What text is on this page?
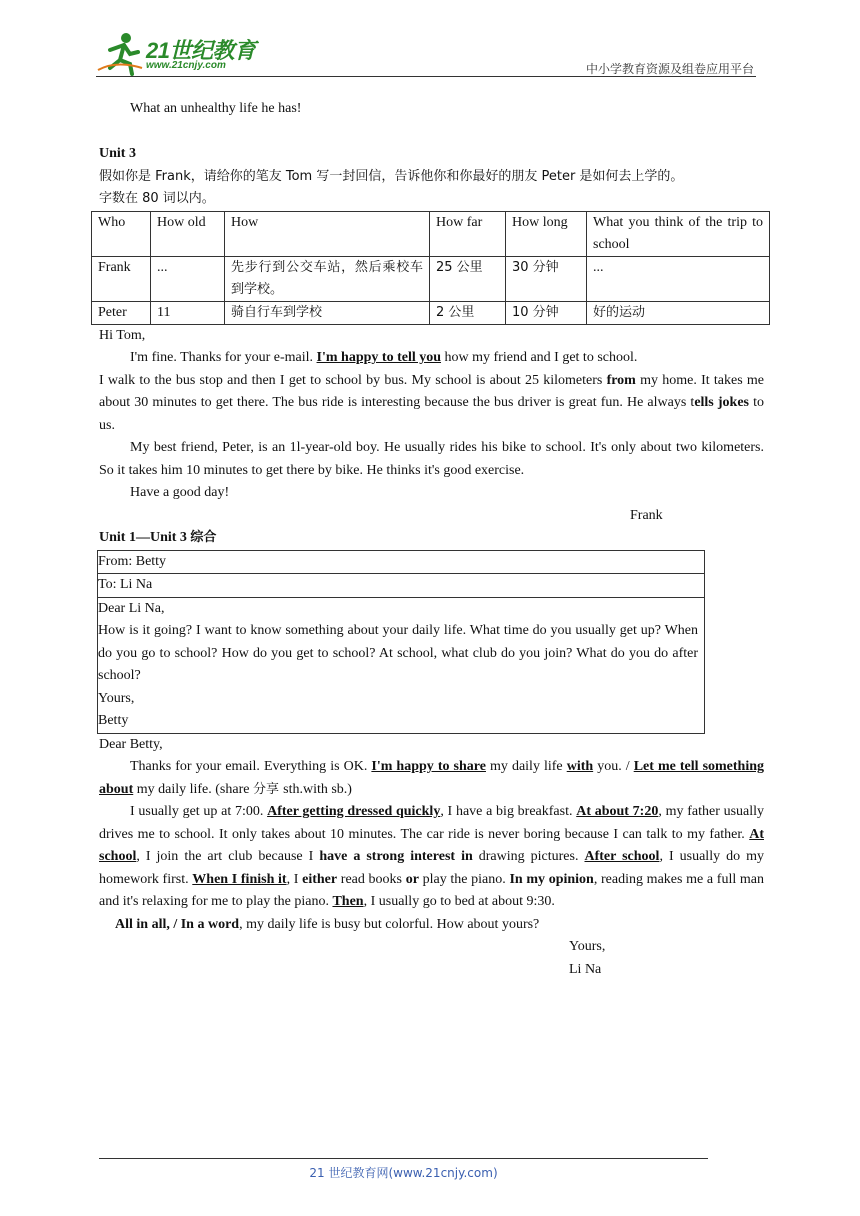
21世纪教育
www.21cnjy.com	中小学教育资源及组卷应用平台

What an unhealthy life he has!

Unit 3

假如你是 Frank，请给你的笔友 Tom 写一封回信，告诉他你和你最好的朋友 Peter 是如何去上学的。

字数在 80 词以内。

Who	How old	How	How far	How long	What you think of the trip to school
Frank	...	先步行到公交车站，然后乘校车到学校。	25 公里	30 分钟	...
Peter	11	骑自行车到学校	2 公里	10 分钟	好的运动

Hi Tom,

I'm fine. Thanks for your e-mail. I'm happy to tell you how my friend and I get to school.

I walk to the bus stop and then I get to school by bus. My school is about 25 kilometers from my home. It takes me about 30 minutes to get there. The bus ride is interesting because the bus driver is great fun. He always tells jokes to us.

My best friend, Peter, is an 1l-year-old boy. He usually rides his bike to school. It's only about two kilometers. So it takes him 10 minutes to get there by bike. He thinks it's good exercise.

Have a good day!

Frank

Unit 1—Unit 3 综合

From: Betty
To: Li Na

Dear Li Na,
How is it going? I want to know something about your daily life. What time do you usually get up? When do you go to school? How do you get to school? At school, what club do you join? What do you do after school?
Yours,
Betty

Dear Betty,

Thanks for your email. Everything is OK. I'm happy to share my daily life with you. / Let me tell something about my daily life. (share 分享 sth.with sb.)

I usually get up at 7:00. After getting dressed quickly, I have a big breakfast. At about 7:20, my father usually drives me to school. It only takes about 10 minutes. The car ride is never boring because I can talk to my father. At school, I join the art club because I have a strong interest in drawing pictures. After school, I usually do my homework first. When I finish it, I either read books or play the piano. In my opinion, reading makes me a full man and it's relaxing for me to play the piano. Then, I usually go to bed at about 9:30.

All in all, / In a word, my daily life is busy but colorful. How about yours?

Yours,

Li Na

21 世纪教育网(www.21cnjy.com)
